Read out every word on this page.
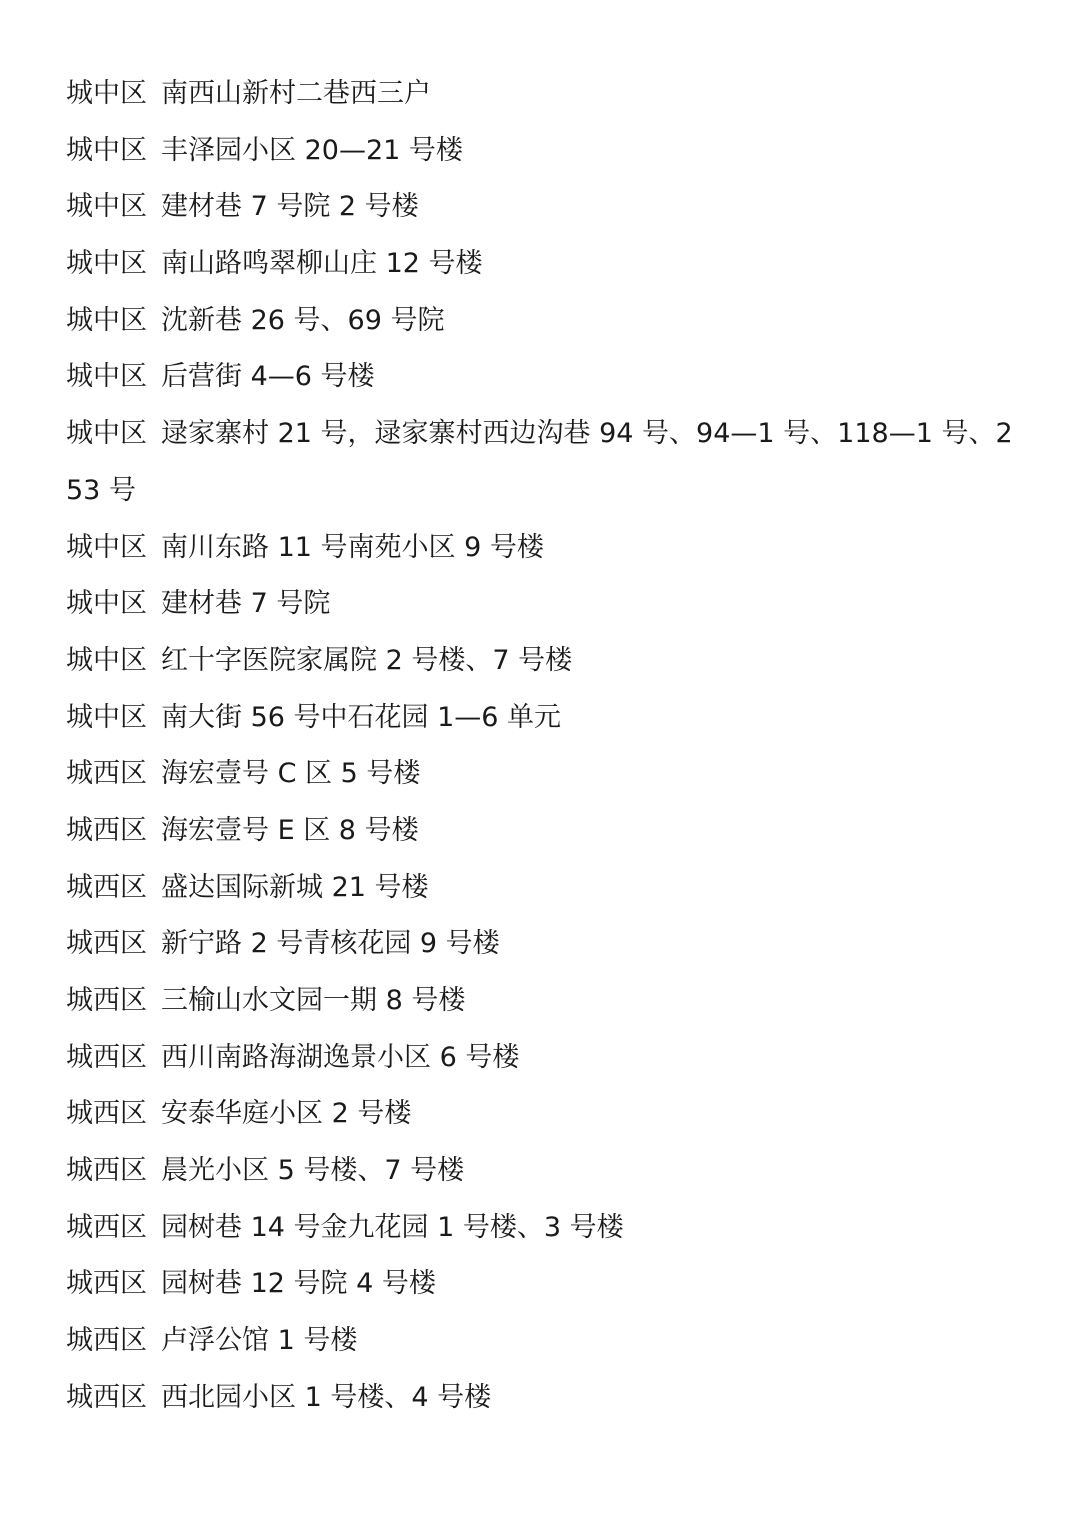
城中区 南西山新村二巷西三户
城中区 丰泽园小区 20—21 号楼
城中区 建材巷 7 号院 2 号楼
城中区 南山路鸣翠柳山庄 12 号楼
城中区 沈新巷 26 号、69 号院
城中区 后营街 4—6 号楼
城中区 逯家寨村 21 号，逯家寨村西边沟巷 94 号、94—1 号、118—1 号、253 号
城中区 南川东路 11 号南苑小区 9 号楼
城中区 建材巷 7 号院
城中区 红十字医院家属院 2 号楼、7 号楼
城中区 南大街 56 号中石花园 1—6 单元
城西区 海宏壹号 C 区 5 号楼
城西区 海宏壹号 E 区 8 号楼
城西区 盛达国际新城 21 号楼
城西区 新宁路 2 号青核花园 9 号楼
城西区 三榆山水文园一期 8 号楼
城西区 西川南路海湖逸景小区 6 号楼
城西区 安泰华庭小区 2 号楼
城西区 晨光小区 5 号楼、7 号楼
城西区 园树巷 14 号金九花园 1 号楼、3 号楼
城西区 园树巷 12 号院 4 号楼
城西区 卢浮公馆 1 号楼
城西区 西北园小区 1 号楼、4 号楼
